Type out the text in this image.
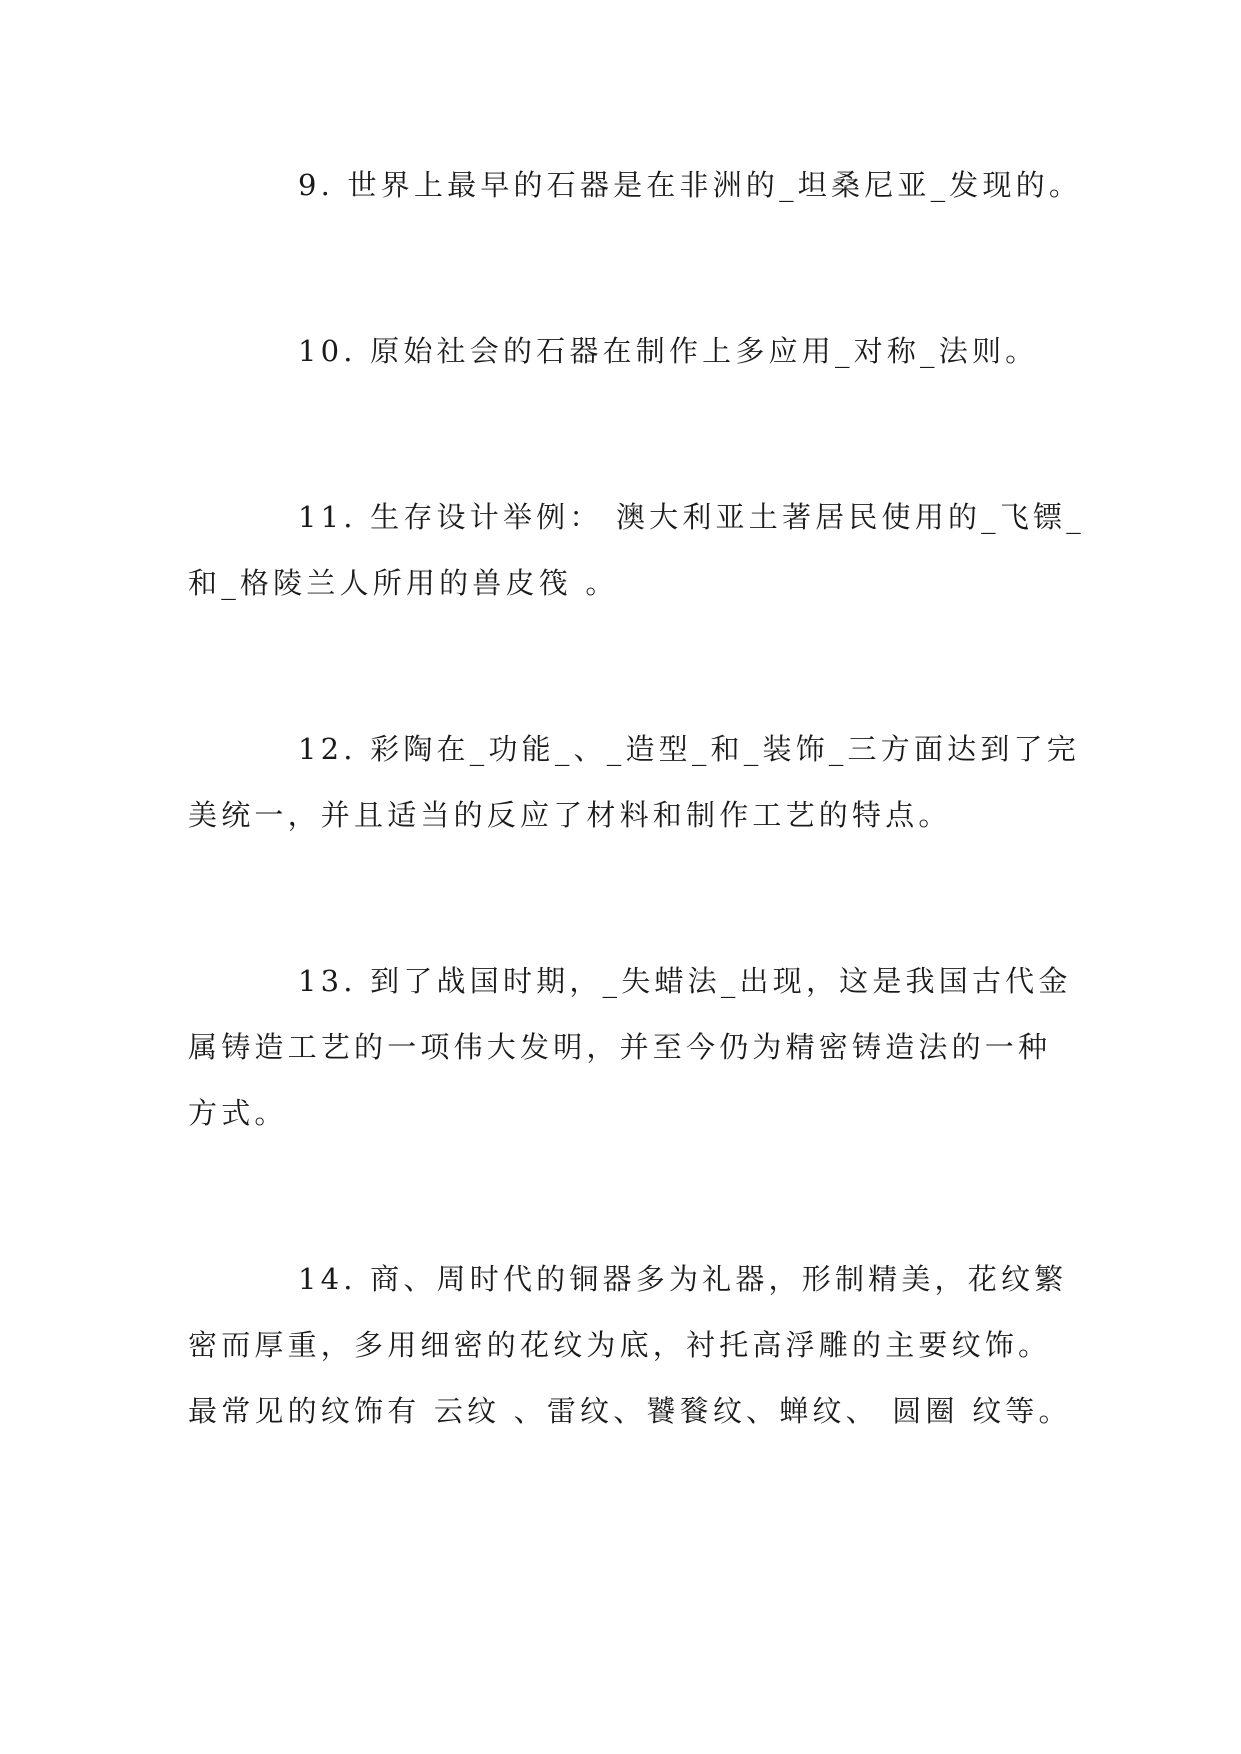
9. 世界上最早的石器是在非洲的_坦桑尼亚_发现的。
10. 原始社会的石器在制作上多应用_对称_法则。
11. 生存设计举例： 澳大利亚土著居民使用的_飞镖_
和_格陵兰人所用的兽皮筏 。
12. 彩陶在_功能_、_造型_和_装饰_三方面达到了完
美统一，并且适当的反应了材料和制作工艺的特点。
13. 到了战国时期，_失蜡法_出现，这是我国古代金
属铸造工艺的一项伟大发明，并至今仍为精密铸造法的一种
方式。
14. 商、周时代的铜器多为礼器，形制精美，花纹繁
密而厚重，多用细密的花纹为底，衬托高浮雕的主要纹饰。
最常见的纹饰有 云纹 、雷纹、饕餮纹、蝉纹、 圆圈 纹等。
